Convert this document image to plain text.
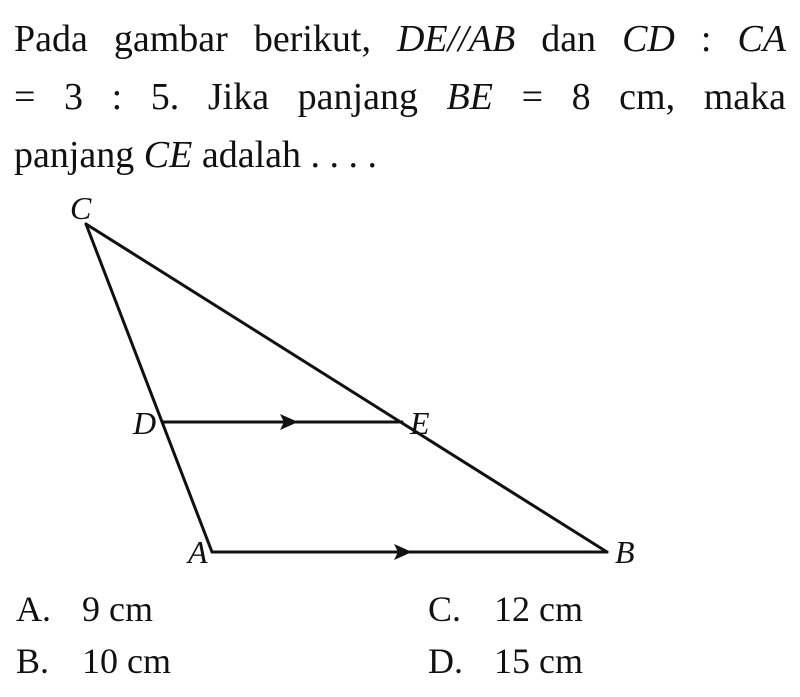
Pada gambar berikut, DE//AB dan CD : CA
= 3 : 5. Jika panjang BE = 8 cm, maka
panjang CE adalah . . . .
C
D	E
A	B
A. 9 cm
B. 10 cm
C. 12 cm
D. 15 cm
